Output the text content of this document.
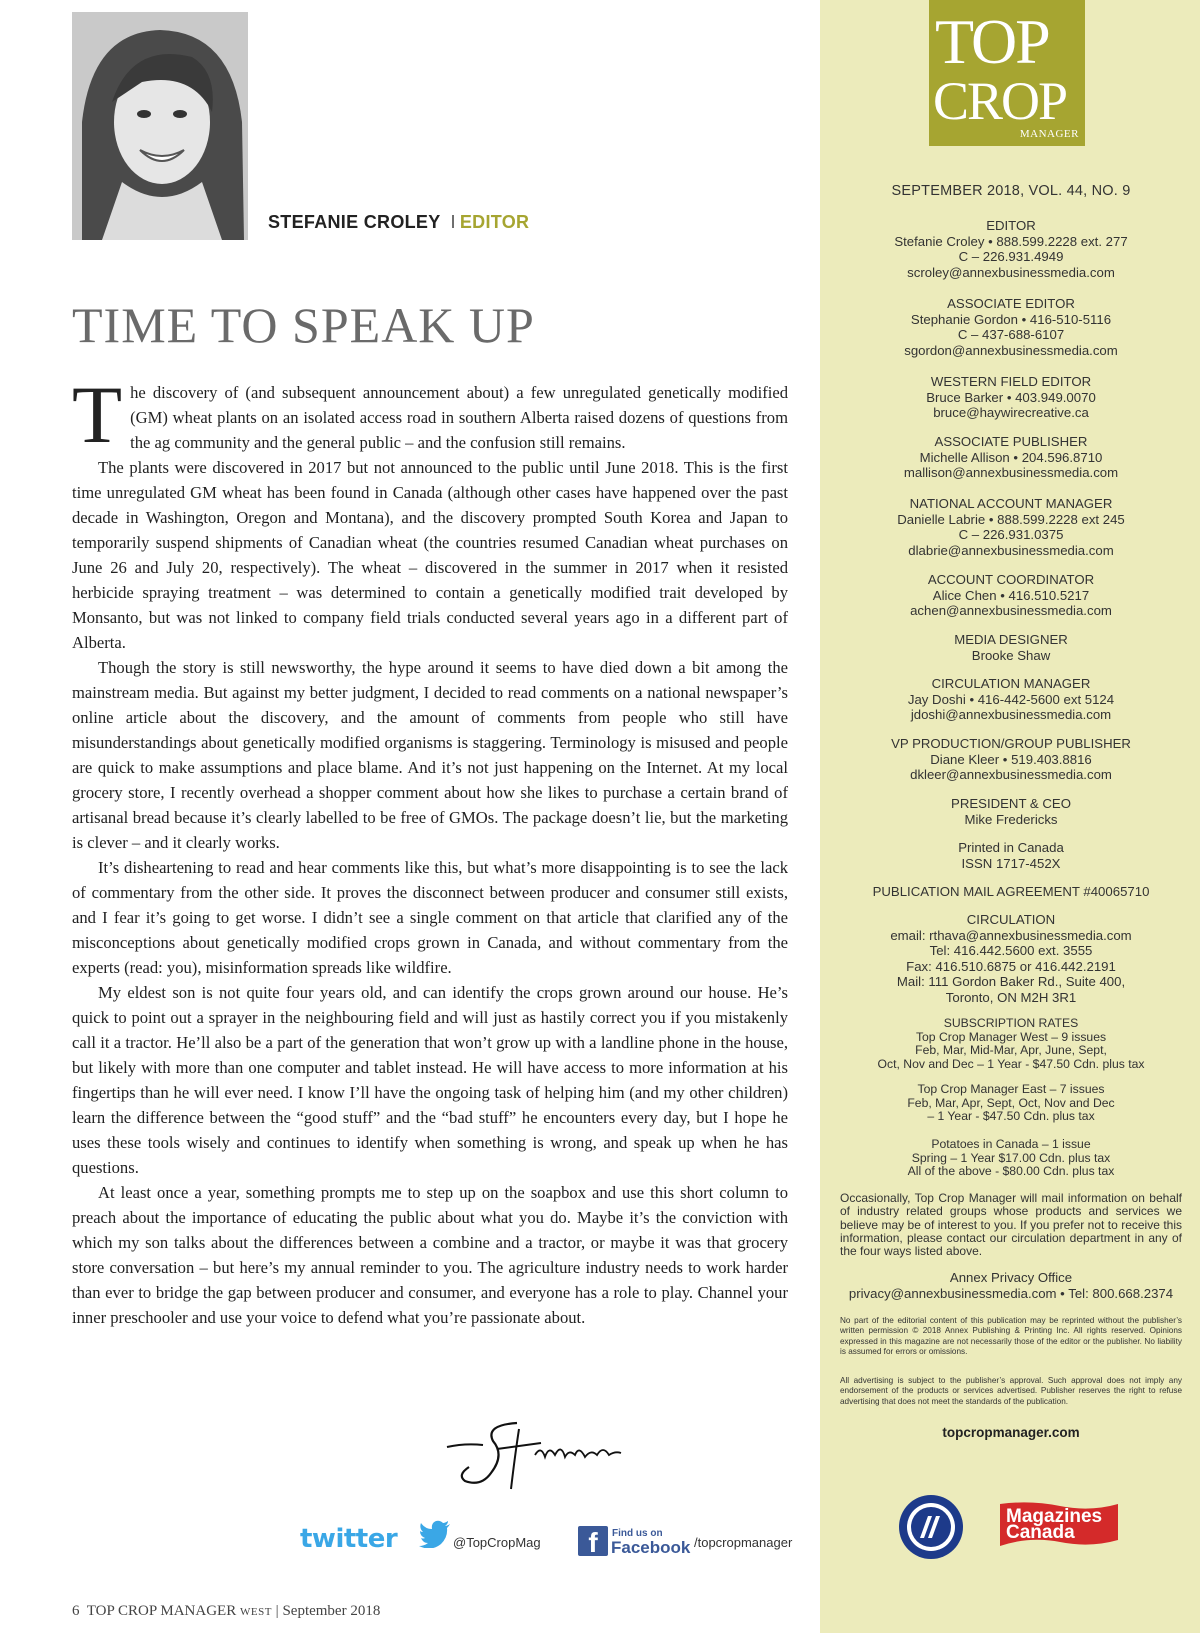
STEFANIE CROLEY I EDITOR
TIME TO SPEAK UP

The discovery of (and subsequent announcement about) a few unregulated genetically modified (GM) wheat plants on an isolated access road in southern Alberta raised dozens of questions from the ag community and the general public – and the confusion still remains.

The plants were discovered in 2017 but not announced to the public until June 2018. This is the first time unregulated GM wheat has been found in Canada (although other cases have happened over the past decade in Washington, Oregon and Montana), and the discovery prompted South Korea and Japan to temporarily suspend shipments of Canadian wheat (the countries resumed Canadian wheat purchases on June 26 and July 20, respectively). The wheat – discovered in the summer in 2017 when it resisted herbicide spraying treatment – was determined to contain a genetically modified trait developed by Monsanto, but was not linked to company field trials conducted several years ago in a different part of Alberta.

Though the story is still newsworthy, the hype around it seems to have died down a bit among the mainstream media. But against my better judgment, I decided to read comments on a national newspaper’s online article about the discovery, and the amount of comments from people who still have misunderstandings about genetically modified organisms is staggering. Terminology is misused and people are quick to make assumptions and place blame. And it’s not just happening on the Internet. At my local grocery store, I recently overhead a shopper comment about how she likes to purchase a certain brand of artisanal bread because it’s clearly labelled to be free of GMOs. The package doesn’t lie, but the marketing is clever – and it clearly works.

It’s disheartening to read and hear comments like this, but what’s more disappointing is to see the lack of commentary from the other side. It proves the disconnect between producer and consumer still exists, and I fear it’s going to get worse. I didn’t see a single comment on that article that clarified any of the misconceptions about genetically modified crops grown in Canada, and without commentary from the experts (read: you), misinformation spreads like wildfire.

My eldest son is not quite four years old, and can identify the crops grown around our house. He’s quick to point out a sprayer in the neighbouring field and will just as hastily correct you if you mistakenly call it a tractor. He’ll also be a part of the generation that won’t grow up with a landline phone in the house, but likely with more than one computer and tablet instead. He will have access to more information at his fingertips than he will ever need. I know I’ll have the ongoing task of helping him (and my other children) learn the difference between the “good stuff” and the “bad stuff” he encounters every day, but I hope he uses these tools wisely and continues to identify when something is wrong, and speak up when he has questions.

At least once a year, something prompts me to step up on the soapbox and use this short column to preach about the importance of educating the public about what you do. Maybe it’s the conviction with which my son talks about the differences between a combine and a tractor, or maybe it was that grocery store conversation – but here’s my annual reminder to you. The agriculture industry needs to work harder than ever to bridge the gap between producer and consumer, and everyone has a role to play. Channel your inner preschooler and use your voice to defend what you’re passionate about.

twitter	@TopCropMag	f	Find us on
Facebook /topcropmanager
6 TOP CROP MANAGER WEST | September 2018
TOP
CROP
MANAGER
SEPTEMBER 2018, VOL. 44, NO. 9
EDITOR
Stefanie Croley • 888.599.2228 ext. 277
C – 226.931.4949
scroley@annexbusinessmedia.com
ASSOCIATE EDITOR
Stephanie Gordon • 416-510-5116
C – 437-688-6107
sgordon@annexbusinessmedia.com
WESTERN FIELD EDITOR
Bruce Barker • 403.949.0070
bruce@haywirecreative.ca
ASSOCIATE PUBLISHER
Michelle Allison • 204.596.8710
mallison@annexbusinessmedia.com
NATIONAL ACCOUNT MANAGER
Danielle Labrie • 888.599.2228 ext 245
C – 226.931.0375
dlabrie@annexbusinessmedia.com
ACCOUNT COORDINATOR
Alice Chen • 416.510.5217
achen@annexbusinessmedia.com
MEDIA DESIGNER
Brooke Shaw
CIRCULATION MANAGER
Jay Doshi • 416-442-5600 ext 5124
jdoshi@annexbusinessmedia.com
VP PRODUCTION/GROUP PUBLISHER
Diane Kleer • 519.403.8816
dkleer@annexbusinessmedia.com
PRESIDENT & CEO
Mike Fredericks
Printed in Canada
ISSN 1717-452X
PUBLICATION MAIL AGREEMENT #40065710
CIRCULATION
email: rthava@annexbusinessmedia.com
Tel: 416.442.5600 ext. 3555
Fax: 416.510.6875 or 416.442.2191
Mail: 111 Gordon Baker Rd., Suite 400,
Toronto, ON M2H 3R1
SUBSCRIPTION RATES
Top Crop Manager West – 9 issues
Feb, Mar, Mid-Mar, Apr, June, Sept,
Oct, Nov and Dec – 1 Year - $47.50 Cdn. plus tax
Top Crop Manager East – 7 issues
Feb, Mar, Apr, Sept, Oct, Nov and Dec
– 1 Year - $47.50 Cdn. plus tax
Potatoes in Canada – 1 issue
Spring – 1 Year $17.00 Cdn. plus tax
All of the above - $80.00 Cdn. plus tax
Occasionally, Top Crop Manager will mail information on behalf of industry related groups whose products and services we believe may be of interest to you. If you prefer not to receive this information, please contact our circulation department in any of the four ways listed above.
Annex Privacy Office
privacy@annexbusinessmedia.com • Tel: 800.668.2374
No part of the editorial content of this publication may be reprinted without the publisher’s written permission © 2018 Annex Publishing & Printing Inc. All rights reserved. Opinions expressed in this magazine are not necessarily those of the editor or the publisher. No liability is assumed for errors or omissions.
All advertising is subject to the publisher’s approval. Such approval does not imply any endorsement of the products or services advertised. Publisher reserves the right to refuse advertising that does not meet the standards of the publication.
topcropmanager.com
Magazines
Canada
